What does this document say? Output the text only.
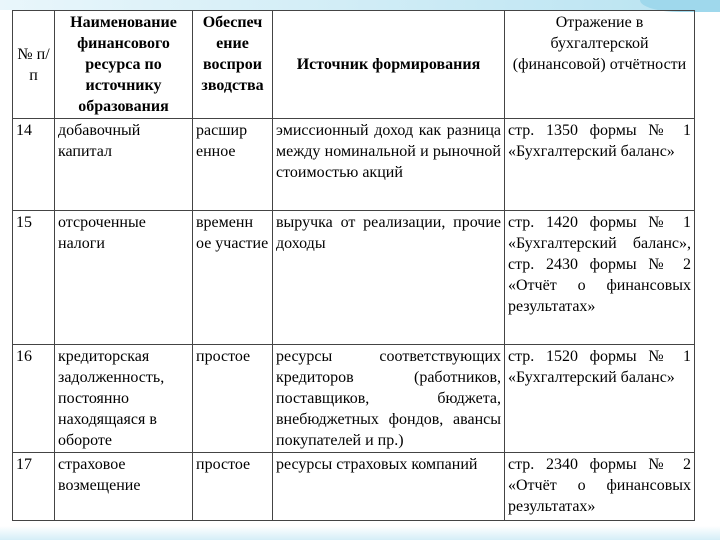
№ п/п	Наименование финансового ресурса по источнику образования	Обеспеч ение воспрои зводства	Источник формирования	Отражение в бухгалтерской (финансовой) отчётности
14	добавочный капитал	расшир енное	эмиссионный доход как разница между номинальной и рыночной стоимостью акций	стр. 1350 формы № 1 «Бухгалтерский баланс»
15	отсроченные налоги	временн ое участие	выручка от реализации, прочие доходы	стр. 1420 формы № 1 «Бухгалтерский баланс», стр. 2430 формы № 2 «Отчёт о финансовых результатах»
16	кредиторская задолженность, постоянно находящаяся в обороте	простое	ресурсы соответствующих кредиторов (работников, поставщиков, бюджета, внебюджетных фондов, авансы покупателей и пр.)	стр. 1520 формы № 1 «Бухгалтерский баланс»
17	страховое возмещение	простое	ресурсы страховых компаний	стр. 2340 формы № 2 «Отчёт о финансовых результатах»
